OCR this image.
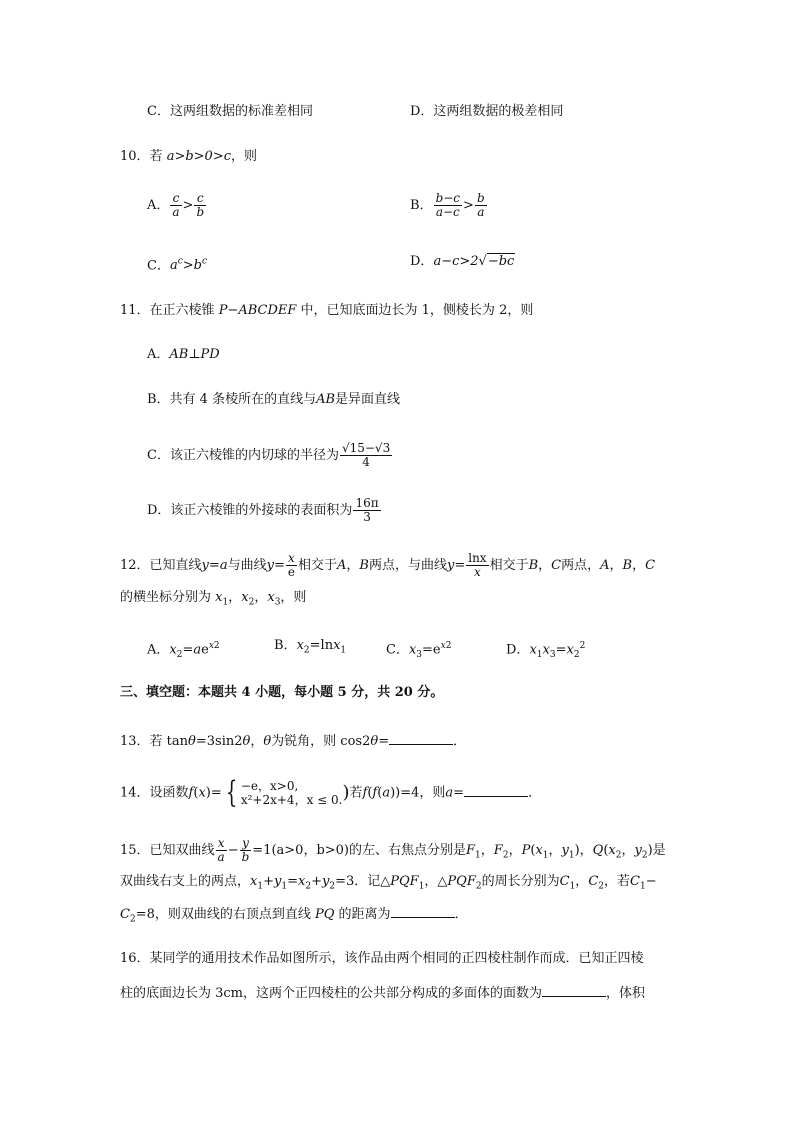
C．这两组数据的标准差相同	D．这两组数据的极差相同
10．若 a>b>0>c，则
A． $\frac{c}{a} > \frac{c}{b}$	B． $\frac{b-c}{a-c} > \frac{b}{a}$
C．$a^c>b^c$	D．a−c>2√−bc
11．在正六棱锥 P−ABCDEF 中，已知底面边长为 1，侧棱长为 2，则
A．AB⊥PD
B．共有 4 条棱所在的直线与AB是异面直线
C．该正六棱锥的内切球的半径为 $\frac{√15-√3}{4}$
D．该正六棱锥的外接球的表面积为 $\frac{16\pi}{3}$
12．已知直线y=a与曲线$y= \frac{x}{e}$ 相交于A，B两点，与曲线$y= \frac{\ln x}{x}$ 相交于B，C两点，A，B，C
的横坐标分别为 $x_1$，$x_2$，$x_3$，则
A．$x_2=ae^{x2}$	B．$x_2=\ln x_1$	C．$x_3=e^{x2}$	D．$x_1x_3=x_2^2$
三、填空题：本题共 4 小题，每小题 5 分，共 20 分。
13．若 tanθ=3sin2θ，θ为锐角，则 cos2θ=	．
14．设函数f(x)= { −e，x>0,
x²+2x+4，x ≤ 0. )若f(f(a))=4，则a=	．
15．已知双曲线 $\frac{x}{a} - \frac{y}{b} =1(a>0$，b>0)的左、右焦点分别是$F_1$，$F_2$，$P(x_1$，$y_1$)，$Q(x_2$，$y_2$)是
双曲线右支上的两点，$x_1+y_1=x_2+y_2=3$．记$\triangle PQF_1$，$\triangle PQF_2$的周长分别为$C_1$，$C_2$，若$C_1-$
$C_2=8$，则双曲线的右顶点到直线 PQ 的距离为	．
16．某同学的通用技术作品如图所示，该作品由两个相同的正四棱柱制作而成．已知正四棱
柱的底面边长为 3cm，这两个正四棱柱的公共部分构成的多面体的面数为	，体积
